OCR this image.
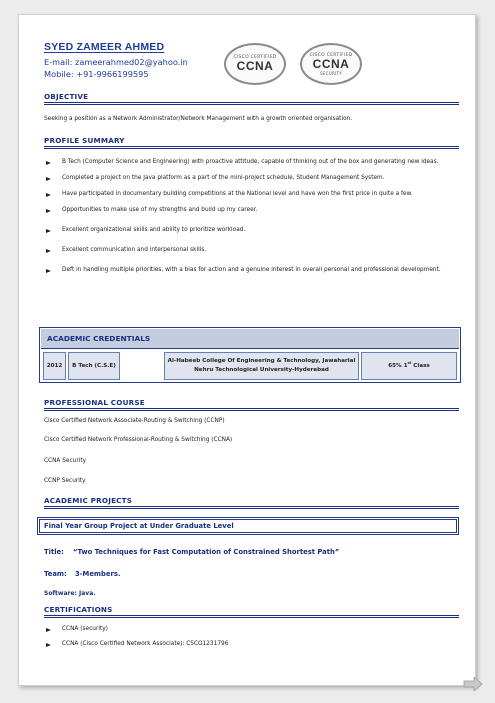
SYED ZAMEER AHMED
E-mail: zameerahmed02@yahoo.in
Mobile: +91-9966199595
CISCO CERTIFIED
CCNA
CISCO CERTIFIED
CCNA
SECURITY
OBJECTIVE
Seeking a position as a Network Administrator/Network Management with a growth oriented organisation.
PROFILE SUMMARY
B Tech (Computer Science and Engineering) with proactive attitude, capable of thinking out of the box and generating new ideas.
Completed a project on the Java platform as a part of the mini-project schedule, Student Management System.
Have participated in documentary building competitions at the National level and have won the first price in quite a few.
Opportunities to make use of my strengths and build up my career.
Excellent organizational skills and ability to prioritize workload.
Excellent communication and interpersonal skills.
Deft in handling multiple priorities, with a bias for action and a genuine interest in overall personal and professional development.
ACADEMIC CREDENTIALS
2012	B Tech (C.S.E)
Al-Habeeb College Of Engineering & Technology, Jawaharlal
Nehru Technological University-Hyderabad
65% 1st Class
PROFESSIONAL COURSE
Cisco Certified Network Associate-Routing & Switching (CCNP)
Cisco Certified Network Professional-Routing & Switching (CCNA)
CCNA Security
CCNP Security
ACADEMIC PROJECTS
Final Year Group Project at Under Graduate Level
Title: “Two Techniques for Fast Computation of Constrained Shortest Path”
Team: 3-Members.
Software: Java.
CERTIFICATIONS
CCNA (security)
CCNA (Cisco Certified Network Associate): CSCO1231796
